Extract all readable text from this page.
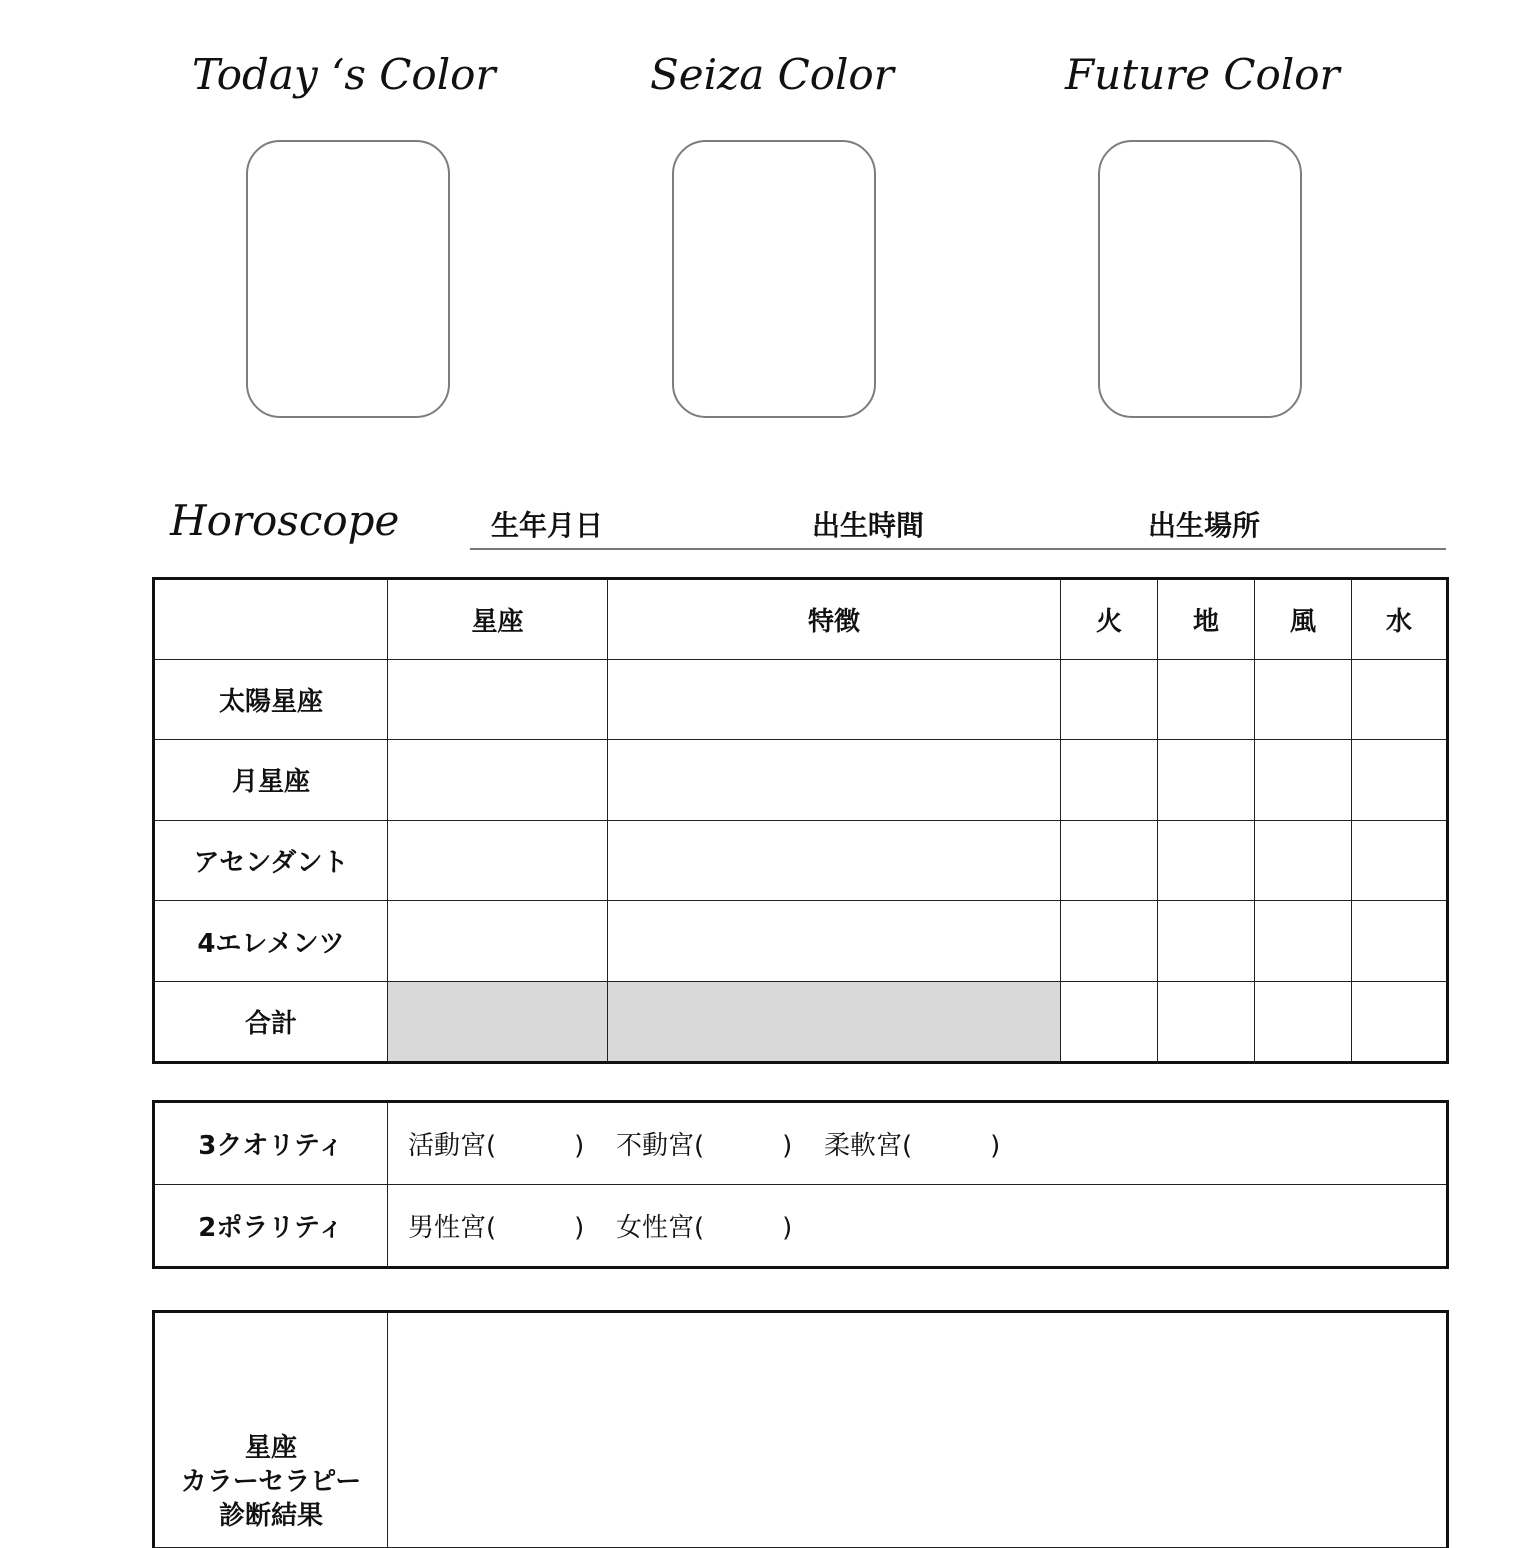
Today ‘s Color	Seiza Color	Future Color
Horoscope	生年月日	出生時間	出生場所
	星座	特徴	火	地	風	水
太陽星座						
月星座						
アセンダント						
4エレメンツ						
合計						
3クオリティ	活動宮( ) 不動宮( ) 柔軟宮( )
2ポラリティ	男性宮( ) 女性宮( )
星座
カラーセラピー
診断結果
